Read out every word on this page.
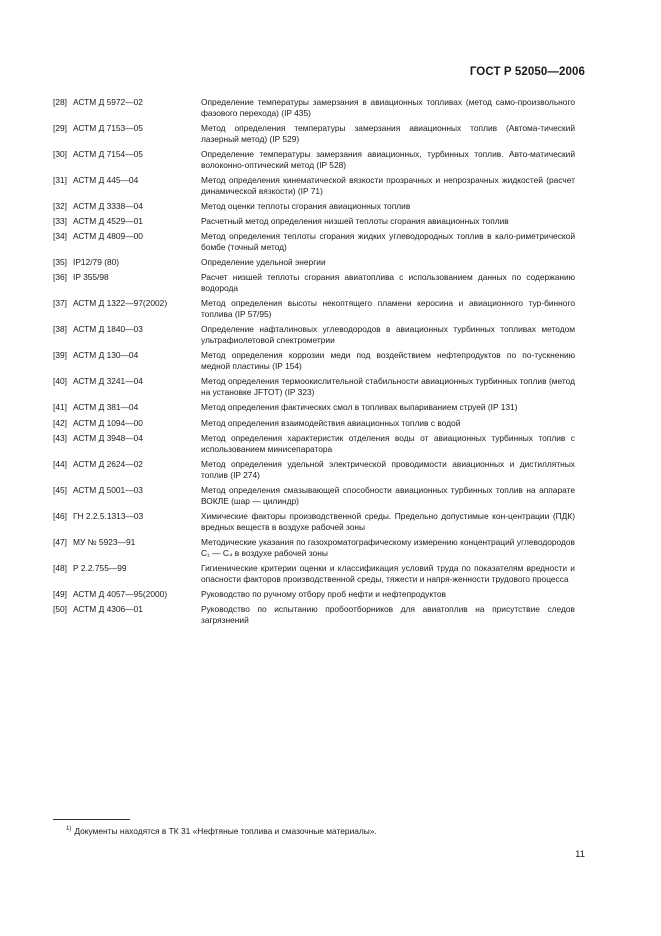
ГОСТ Р 52050—2006
[28] АСТМ Д 5972—02	Определение температуры замерзания в авиационных топливах (метод само-произвольного фазового перехода) (IP 435)
[29] АСТМ Д 7153—05	Метод определения температуры замерзания авиационных топлив (Автома-тический лазерный метод) (IP 529)
[30] АСТМ Д 7154—05	Определение температуры замерзания авиационных, турбинных топлив. Авто-матический волоконно-оптический метод (IP 528)
[31] АСТМ Д 445—04	Метод определения кинематической вязкости прозрачных и непрозрачных жидкостей (расчет динамической вязкости) (IP 71)
[32] АСТМ Д 3338—04	Метод оценки теплоты сгорания авиационных топлив
[33] АСТМ Д 4529—01	Расчетный метод определения низшей теплоты сгорания авиационных топлив
[34] АСТМ Д 4809—00	Метод определения теплоты сгорания жидких углеводородных топлив в кало-риметрической бомбе (точный метод)
[35] IP12/79 (80)	Определение удельной энергии
[36] IP 355/98	Расчет низшей теплоты сгорания авиатоплива с использованием данных по содержанию водорода
[37] АСТМ Д 1322—97(2002)	Метод определения высоты некоптящего пламени керосина и авиационного тур-бинного топлива (IP 57/95)
[38] АСТМ Д 1840—03	Определение нафталиновых углеводородов в авиационных турбинных топливах методом ультрафиолетовой спектрометрии
[39] АСТМ Д 130—04	Метод определения коррозии меди под воздействием нефтепродуктов по по-тускнению медной пластины (IP 154)
[40] АСТМ Д 3241—04	Метод определения термоокислительной стабильности авиационных турбинных топлив (метод на установке JFTOT) (IP 323)
[41] АСТМ Д 381—04	Метод определения фактических смол в топливах выпариванием струей (IP 131)
[42] АСТМ Д 1094—00	Метод определения взаимодействия авиационных топлив с водой
[43] АСТМ Д 3948—04	Метод определения характеристик отделения воды от авиационных турбинных топлив с использованием минисепаратора
[44] АСТМ Д 2624—02	Метод определения удельной электрической проводимости авиационных и дистиллятных топлив (IP 274)
[45] АСТМ Д 5001—03	Метод определения смазывающей способности авиационных турбинных топлив на аппарате ВОКЛЕ (шар — цилиндр)
[46] ГН 2.2.5.1313—03	Химические факторы производственной среды. Предельно допустимые кон-центрации (ПДК) вредных веществ в воздухе рабочей зоны
[47] МУ № 5923—91	Методические указания по газохроматографическому измерению концентраций углеводородов C₁ — C₄ в воздухе рабочей зоны
[48] Р 2.2.755—99	Гигиенические критерии оценки и классификация условий труда по показателям вредности и опасности факторов производственной среды, тяжести и напря-женности трудового процесса
[49] АСТМ Д 4057—95(2000)	Руководство по ручному отбору проб нефти и нефтепродуктов
[50] АСТМ Д 4306—01	Руководство по испытанию пробоотборников для авиатоплив на присутствие следов загрязнений
$^{1)}$ Документы находятся в ТК 31 «Нефтяные топлива и смазочные материалы».
11
